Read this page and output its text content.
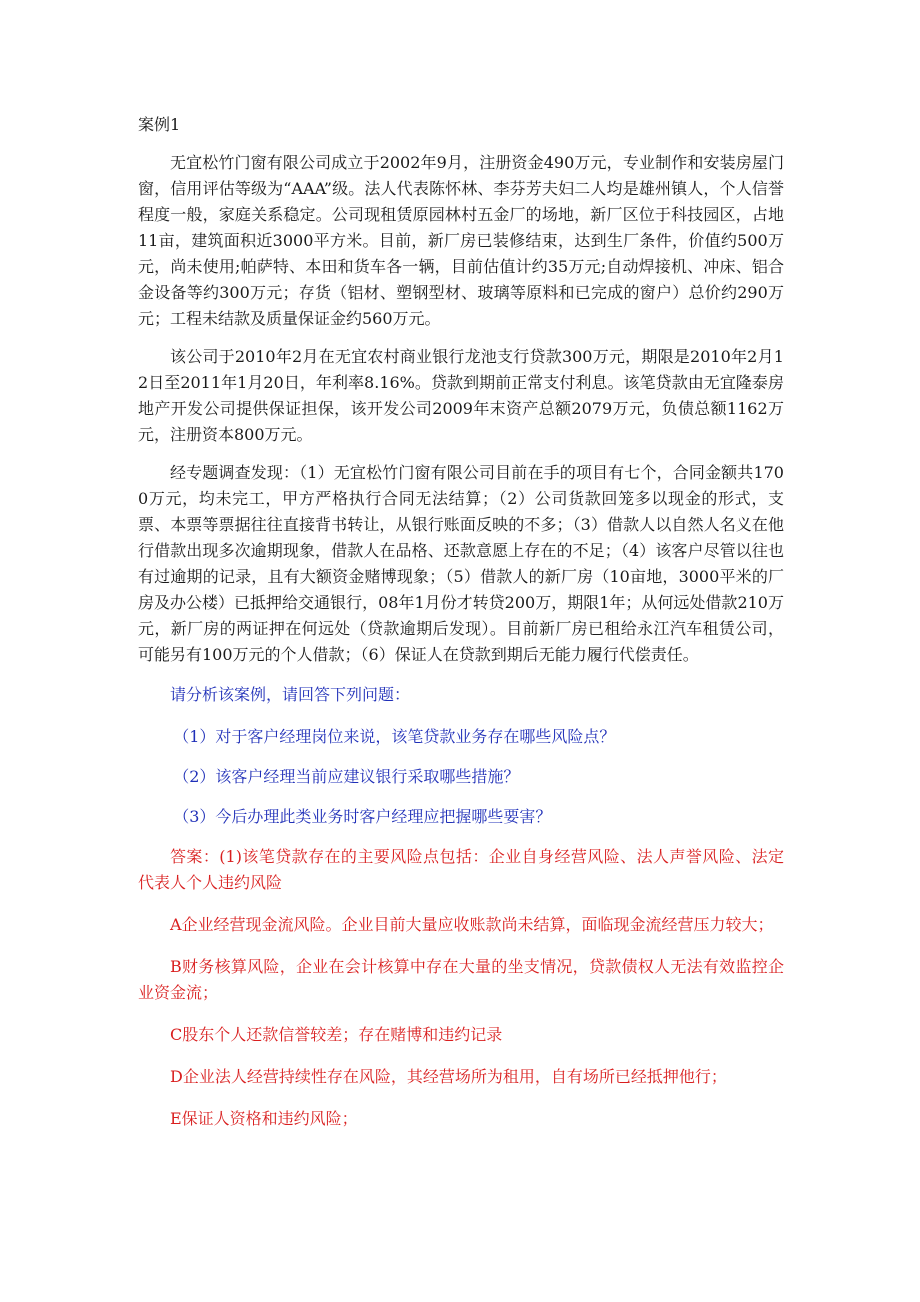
案例1

无宜松竹门窗有限公司成立于2002年9月，注册资金490万元，专业制作和安装房屋门窗，信用评估等级为“AAA”级。法人代表陈怀林、李芬芳夫妇二人均是雄州镇人，个人信誉程度一般，家庭关系稳定。公司现租赁原园林村五金厂的场地，新厂区位于科技园区，占地11亩，建筑面积近3000平方米。目前，新厂房已装修结束，达到生厂条件，价值约500万元，尚未使用;帕萨特、本田和货车各一辆，目前估值计约35万元;自动焊接机、冲床、铝合金设备等约300万元；存货（铝材、塑钢型材、玻璃等原料和已完成的窗户）总价约290万元；工程未结款及质量保证金约560万元。

该公司于2010年2月在无宜农村商业银行龙池支行贷款300万元，期限是2010年2月12日至2011年1月20日，年利率8.16%。贷款到期前正常支付利息。该笔贷款由无宜隆泰房地产开发公司提供保证担保，该开发公司2009年末资产总额2079万元，负债总额1162万元，注册资本800万元。

经专题调查发现：（1）无宜松竹门窗有限公司目前在手的项目有七个，合同金额共1700万元，均未完工，甲方严格执行合同无法结算；（2）公司货款回笼多以现金的形式，支票、本票等票据往往直接背书转让，从银行账面反映的不多；（3）借款人以自然人名义在他行借款出现多次逾期现象，借款人在品格、还款意愿上存在的不足；（4）该客户尽管以往也有过逾期的记录，且有大额资金赌博现象；（5）借款人的新厂房（10亩地，3000平米的厂房及办公楼）已抵押给交通银行，08年1月份才转贷200万，期限1年；从何远处借款210万元，新厂房的两证押在何远处（贷款逾期后发现）。目前新厂房已租给永江汽车租赁公司，可能另有100万元的个人借款；（6）保证人在贷款到期后无能力履行代偿责任。

请分析该案例，请回答下列问题：

（1）对于客户经理岗位来说，该笔贷款业务存在哪些风险点？

（2）该客户经理当前应建议银行采取哪些措施？

（3）今后办理此类业务时客户经理应把握哪些要害？

答案：(1)该笔贷款存在的主要风险点包括：企业自身经营风险、法人声誉风险、法定代表人个人违约风险

A企业经营现金流风险。企业目前大量应收账款尚未结算，面临现金流经营压力较大；

B财务核算风险，企业在会计核算中存在大量的坐支情况，贷款债权人无法有效监控企业资金流；

C股东个人还款信誉较差；存在赌博和违约记录

D企业法人经营持续性存在风险，其经营场所为租用，自有场所已经抵押他行；

E保证人资格和违约风险；
